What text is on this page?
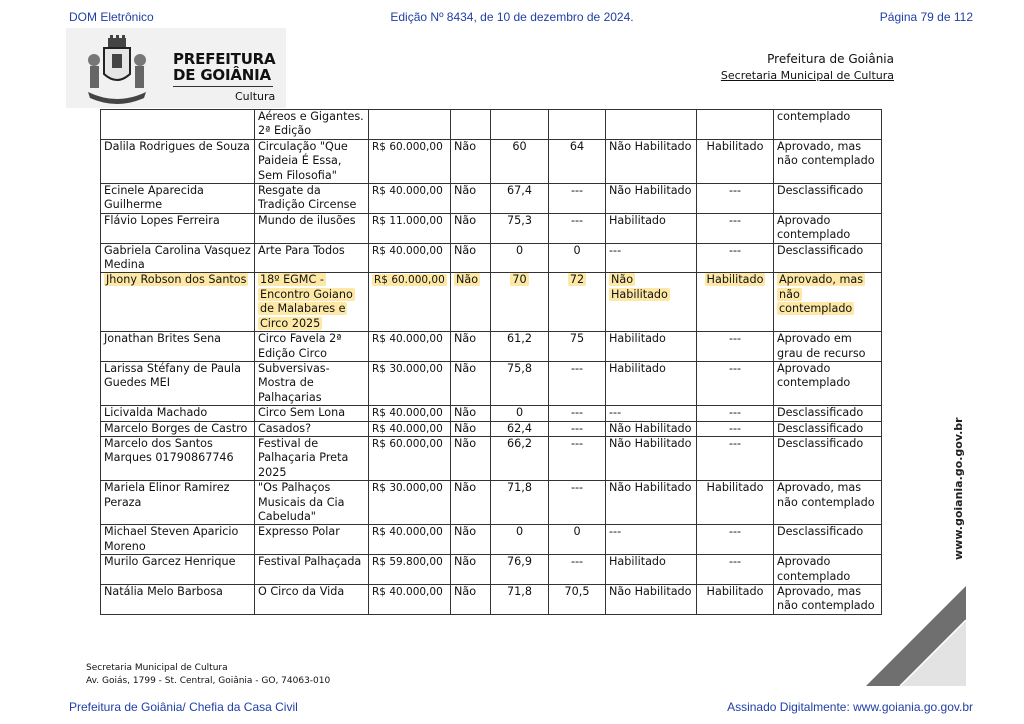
DOM Eletrônico	Edição Nº 8434, de 10 de dezembro de 2024.	Página 79 de 112
PREFEITURA
DE GOIÂNIA
Cultura
Prefeitura de Goiânia
Secretaria Municipal de Cultura
	Aéreos e Gigantes. 2ª Edição							contemplado
Dalila Rodrigues de Souza	Circulação "Que Paideia É Essa, Sem Filosofia"	R$ 60.000,00	Não	60	64	Não Habilitado	Habilitado	Aprovado, mas não contemplado
Ecinele Aparecida Guilherme	Resgate da Tradição Circense	R$ 40.000,00	Não	67,4	---	Não Habilitado	---	Desclassificado
Flávio Lopes Ferreira	Mundo de ilusões	R$ 11.000,00	Não	75,3	---	Habilitado	---	Aprovado contemplado
Gabriela Carolina Vasquez Medina	Arte Para Todos	R$ 40.000,00	Não	0	0	---	---	Desclassificado
Jhony Robson dos Santos	18º EGMC - Encontro Goiano de Malabares e Circo 2025	R$ 60.000,00	Não	70	72	Não Habilitado	Habilitado	Aprovado, mas não contemplado
Jonathan Brites Sena	Circo Favela 2ª Edição Circo	R$ 40.000,00	Não	61,2	75	Habilitado	---	Aprovado em grau de recurso
Larissa Stéfany de Paula Guedes MEI	Subversivas-Mostra de Palhaçarias	R$ 30.000,00	Não	75,8	---	Habilitado	---	Aprovado contemplado
Licivalda Machado	Circo Sem Lona	R$ 40.000,00	Não	0	---	---	---	Desclassificado
Marcelo Borges de Castro	Casados?	R$ 40.000,00	Não	62,4	---	Não Habilitado	---	Desclassificado
Marcelo dos Santos Marques 01790867746	Festival de Palhaçaria Preta 2025	R$ 60.000,00	Não	66,2	---	Não Habilitado	---	Desclassificado
Mariela Elinor Ramirez Peraza	"Os Palhaços Musicais da Cia Cabeluda"	R$ 30.000,00	Não	71,8	---	Não Habilitado	Habilitado	Aprovado, mas não contemplado
Michael Steven Aparicio Moreno	Expresso Polar	R$ 40.000,00	Não	0	0	---	---	Desclassificado
Murilo Garcez Henrique	Festival Palhaçada	R$ 59.800,00	Não	76,9	---	Habilitado	---	Aprovado contemplado
Natália Melo Barbosa	O Circo da Vida	R$ 40.000,00	Não	71,8	70,5	Não Habilitado	Habilitado	Aprovado, mas não contemplado
www.goiania.go.gov.br
Secretaria Municipal de Cultura
Av. Goiás, 1799 - St. Central, Goiânia - GO, 74063-010
Prefeitura de Goiânia/ Chefia da Casa Civil	Assinado Digitalmente: www.goiania.go.gov.br
